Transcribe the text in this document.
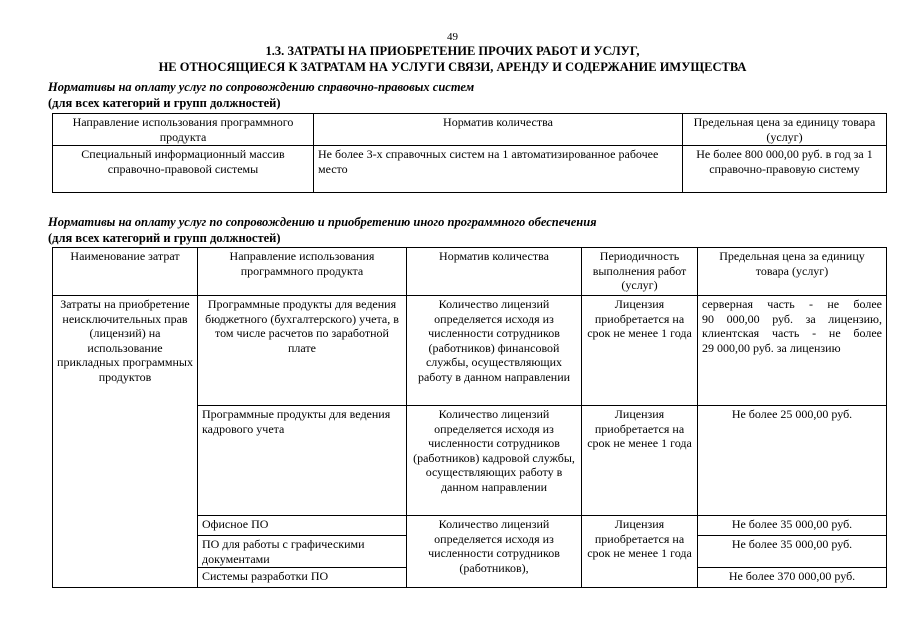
49
1.3. ЗАТРАТЫ НА ПРИОБРЕТЕНИЕ ПРОЧИХ РАБОТ И УСЛУГ,
НЕ ОТНОСЯЩИЕСЯ К ЗАТРАТАМ НА УСЛУГИ СВЯЗИ, АРЕНДУ И СОДЕРЖАНИЕ ИМУЩЕСТВА
Нормативы на оплату услуг по сопровождению справочно-правовых систем
(для всех категорий и групп должностей)
Направление использования программного продукта	Норматив количества	Предельная цена за единицу товара (услуг)
Специальный информационный массив справочно-правовой системы	Не более 3-х справочных систем на 1 автоматизированное рабочее место	Не более 800 000,00 руб. в год за 1 справочно-правовую систему
Нормативы на оплату услуг по сопровождению и приобретению иного программного обеспечения
(для всех категорий и групп должностей)
Наименование затрат	Направление использования программного продукта	Норматив количества	Периодичность выполнения работ (услуг)	Предельная цена за единицу товара (услуг)
Затраты на приобретение неисключительных прав (лицензий) на использование прикладных программных продуктов	Программные продукты для ведения бюджетного (бухгалтерского) учета, в том числе расчетов по заработной плате	Количество лицензий определяется исходя из численности сотрудников (работников) финансовой службы, осуществляющих работу в данном направлении	Лицензия приобретается на срок не менее 1 года	серверная часть - не более
90 000,00 руб. за лицензию,
клиентская часть - не более
29 000,00 руб. за лицензию

	Программные продукты для ведения кадрового учета	Количество лицензий определяется исходя из численности сотрудников (работников) кадровой службы, осуществляющих работу в данном направлении	Лицензия приобретается на срок не менее 1 года	Не более 25 000,00 руб.
	Офисное ПО	Количество лицензий определяется исходя из численности сотрудников (работников),	Лицензия приобретается на срок не менее 1 года	Не более 35 000,00 руб.
	ПО для работы с графическими документами			Не более 35 000,00 руб.
	Системы разработки ПО			Не более 370 000,00 руб.
